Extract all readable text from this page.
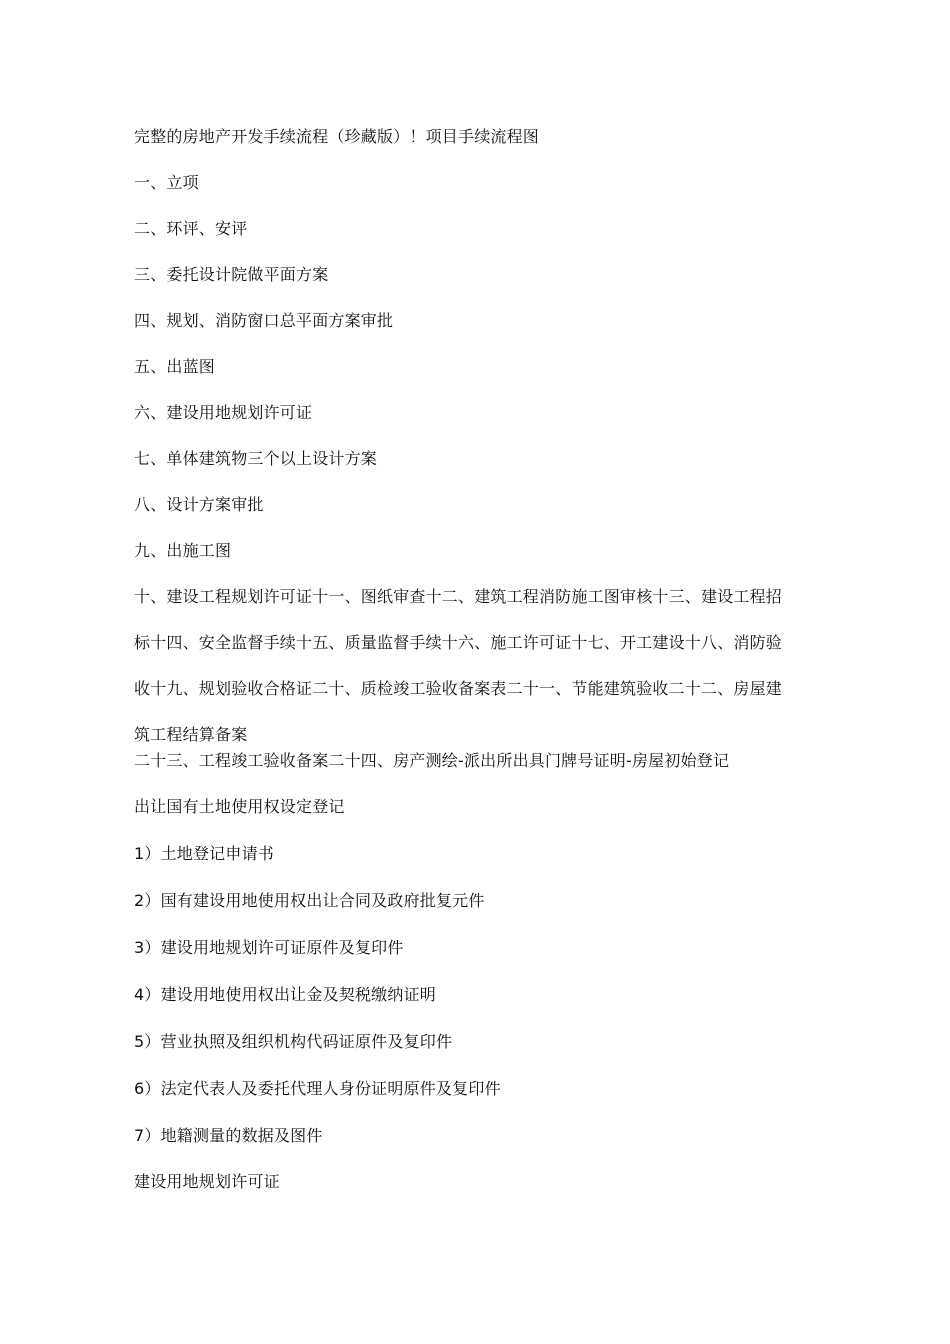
完整的房地产开发手续流程（珍藏版）！项目手续流程图
一、立项
二、环评、安评
三、委托设计院做平面方案
四、规划、消防窗口总平面方案审批
五、出蓝图
六、建设用地规划许可证
七、单体建筑物三个以上设计方案
八、设计方案审批
九、出施工图
十、建设工程规划许可证十一、图纸审查十二、建筑工程消防施工图审核十三、建设工程招
标十四、安全监督手续十五、质量监督手续十六、施工许可证十七、开工建设十八、消防验
收十九、规划验收合格证二十、质检竣工验收备案表二十一、节能建筑验收二十二、房屋建
筑工程结算备案
二十三、工程竣工验收备案二十四、房产测绘-派出所出具门牌号证明-房屋初始登记
出让国有土地使用权设定登记
1）土地登记申请书
2）国有建设用地使用权出让合同及政府批复元件
3）建设用地规划许可证原件及复印件
4）建设用地使用权出让金及契税缴纳证明
5）营业执照及组织机构代码证原件及复印件
6）法定代表人及委托代理人身份证明原件及复印件
7）地籍测量的数据及图件
建设用地规划许可证
